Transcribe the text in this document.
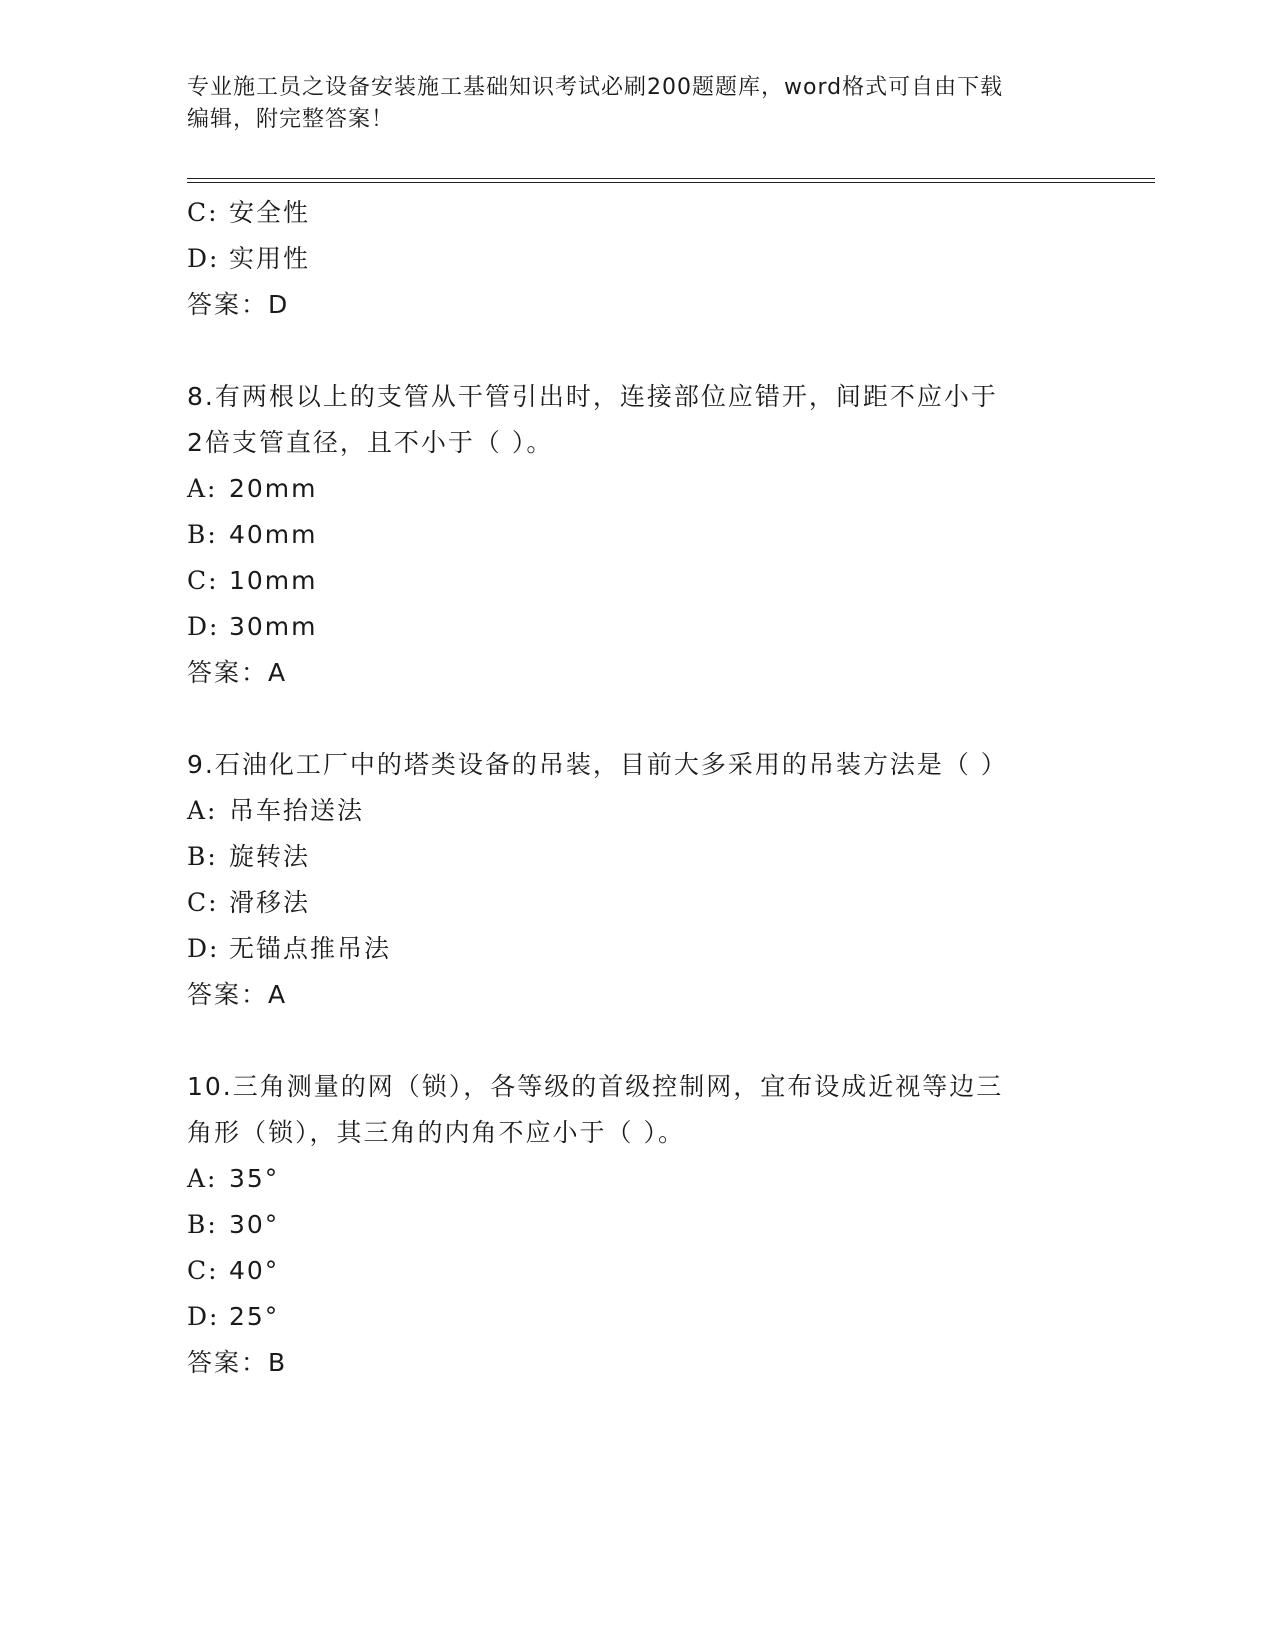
专业施工员之设备安装施工基础知识考试必刷200题题库，word格式可自由下载
编辑，附完整答案！
C: 安全性
D: 实用性
答案：D
8.有两根以上的支管从干管引出时，连接部位应错开，间距不应小于
2倍支管直径，且不小于（ ）。
A: 20mm
B: 40mm
C: 10mm
D: 30mm
答案：A
9.石油化工厂中的塔类设备的吊装，目前大多采用的吊装方法是（ ）
A: 吊车抬送法
B: 旋转法
C: 滑移法
D: 无锚点推吊法
答案：A
10.三角测量的网（锁），各等级的首级控制网，宜布设成近视等边三
角形（锁），其三角的内角不应小于（ ）。
A: 35°
B: 30°
C: 40°
D: 25°
答案：B
